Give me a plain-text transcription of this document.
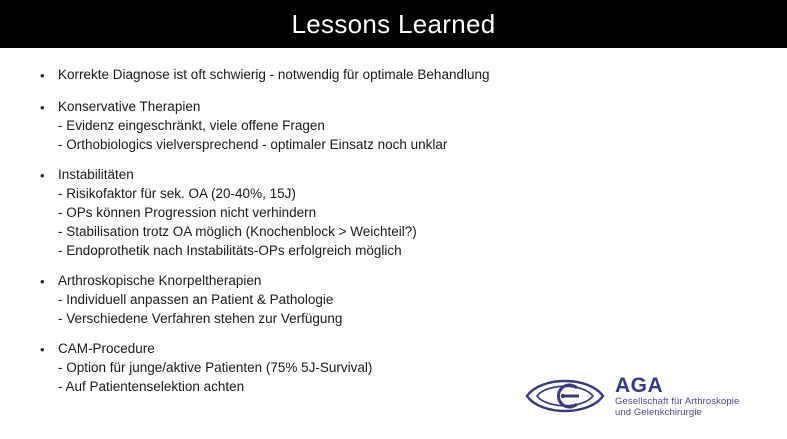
Lessons Learned
• Korrekte Diagnose ist oft schwierig - notwendig für optimale Behandlung
• Konservative Therapien
- Evidenz eingeschränkt, viele offene Fragen
- Orthobiologics vielversprechend - optimaler Einsatz noch unklar
• Instabilitäten
- Risikofaktor für sek. OA (20-40%, 15J)
- OPs können Progression nicht verhindern
- Stabilisation trotz OA möglich (Knochenblock > Weichteil?)
- Endoprothetik nach Instabilitäts-OPs erfolgreich möglich
• Arthroskopische Knorpeltherapien
- Individuell anpassen an Patient & Pathologie
- Verschiedene Verfahren stehen zur Verfügung
• CAM-Procedure
- Option für junge/aktive Patienten (75% 5J-Survival)
- Auf Patientenselektion achten	AGA
Gesellschaft für Arthroskopie
und Gelenkchirurgie
